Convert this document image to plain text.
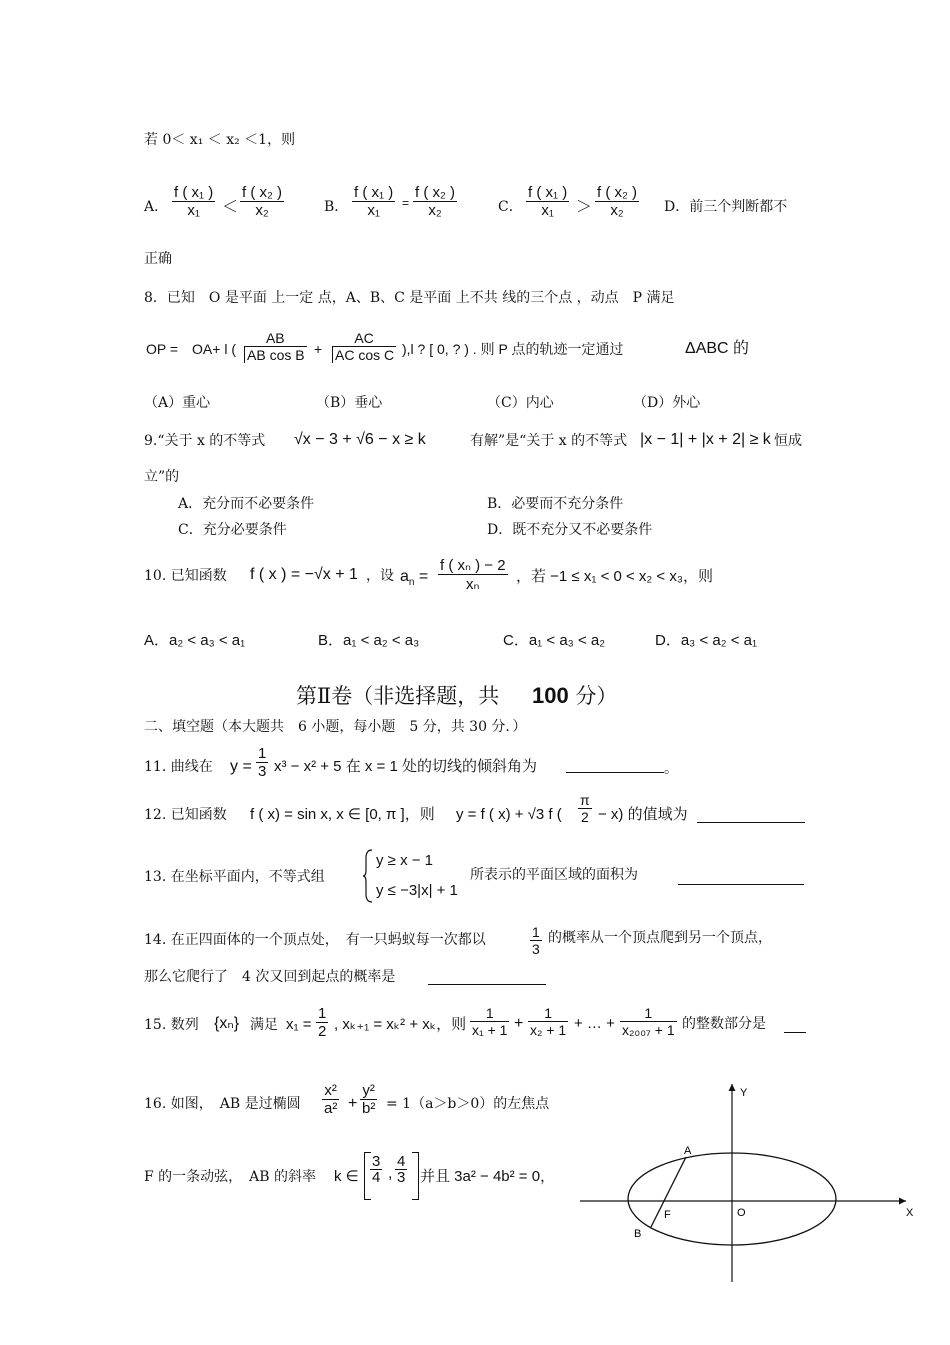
若 0＜ x₁ ＜ x₂ ＜1，则
A． $\frac{\text{f ( x₁ )}}{\text{x₁}} < \frac{\text{f ( x₂ )}}{\text{x₂}}$	B． $\frac{\text{f ( x₁ )}}{\text{x₁}} = \frac{\text{f ( x₂ )}}{\text{x₂}}$	C． $\frac{\text{f ( x₁ )}}{\text{x₁}} > \frac{\text{f ( x₂ )}}{\text{x₂}}$ D．前三个判断都不
正确
8．已知　O 是平面 上一定 点，A、B、C 是平面 上不共 线的三个点 ，动点　P 满足
OP =　OA+ l ( $\frac{AB}{\text{AB cos B}} + \frac{AC}{\text{AC cos C}} ),l$ ? [ 0, ? ) . 则 P 点的轨迹一定通过	ΔABC 的
（A）重心	（B）垂心	（C）内心	（D）外心
9.“关于 x 的不等式 √x − 3 + √6 − x ≥ k	有解”是“关于 x 的不等式 |x − 1| + |x + 2| ≥ k 恒成
立”的
A．充分而不必要条件	B．必要而不充分条件
C．充分必要条件	D．既不充分又不必要条件
10. 已知函数 f ( x ) = −√x + 1 ，设 $a_n = \frac{\text{f ( xₙ ) − 2}}{\text{xₙ}}$ ，若 −1 ≤ x₁ < 0 < x₂ < x₃，则
A．a₂ < a₃ < a₁	B．a₁ < a₂ < a₃	C．a₁ < a₃ < a₂	D．a₃ < a₂ < a₁
第Ⅱ卷（非选择题，共 100 分）
二、填空题（本大题共　6 小题，每小题　5 分，共 30 分．）
11. 曲线在 $y = \frac{1}{3} x^3 - x^2 + 5$ 在 x = 1 处的切线的倾斜角为	。
12. 已知函数 f ( x) = sin x, x ∈ [0, π ]，则 y = f ( x) + √3 f ( $\frac{\pi}{2} - x$) 的值域为
13. 在坐标平面内，不等式组
y ≥ x − 1
y ≤ −3|x| + 1
所表示的平面区域的面积为
14. 在正四面体的一个顶点处，　有一只蚂蚁每一次都以	$\frac{1}{3}$ 的概率从一个顶点爬到另一个顶点，
那么它爬行了　4 次又回到起点的概率是
15. 数列 {xₙ} 满足 $x_1 = \frac{1}{2}$ , xₖ₊₁ = xₖ² + xₖ，则 $\frac{1}{\text{x₁ + 1}} + \frac{1}{\text{x₂ + 1}}$ + … + $\frac{1}{\text{x₂₀₀₇ + 1}}$ 的整数部分是
16. 如图，　AB 是过椭圆 $\frac{\text{x²}}{\text{a²}} + \frac{\text{y²}}{\text{b²}} = 1(a>b>0)$的左焦点
F 的一条动弦，　AB 的斜率 k ∈ $\frac{3}{4}$ , $\frac{4}{3}$ 并且 3a² − 4b² = 0，
Y
X
O
A
B
F
